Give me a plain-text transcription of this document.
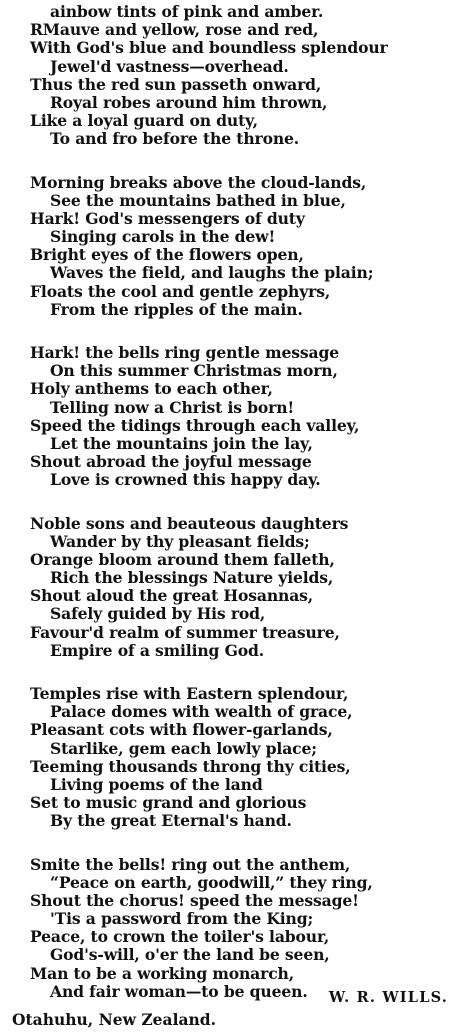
ainbow tints of pink and amber.
RMauve and yellow, rose and red,
With God's blue and boundless splendour
Jewel'd vastness—overhead.
Thus the red sun passeth onward,
Royal robes around him thrown,
Like a loyal guard on duty,
To and fro before the throne.
Morning breaks above the cloud-lands,
See the mountains bathed in blue,
Hark! God's messengers of duty
Singing carols in the dew!
Bright eyes of the flowers open,
Waves the field, and laughs the plain;
Floats the cool and gentle zephyrs,
From the ripples of the main.
Hark! the bells ring gentle message
On this summer Christmas morn,
Holy anthems to each other,
Telling now a Christ is born!
Speed the tidings through each valley,
Let the mountains join the lay,
Shout abroad the joyful message
Love is crowned this happy day.
Noble sons and beauteous daughters
Wander by thy pleasant fields;
Orange bloom around them falleth,
Rich the blessings Nature yields,
Shout aloud the great Hosannas,
Safely guided by His rod,
Favour'd realm of summer treasure,
Empire of a smiling God.
Temples rise with Eastern splendour,
Palace domes with wealth of grace,
Pleasant cots with flower-garlands,
Starlike, gem each lowly place;
Teeming thousands throng thy cities,
Living poems of the land
Set to music grand and glorious
By the great Eternal's hand.
Smite the bells! ring out the anthem,
“Peace on earth, goodwill,” they ring,
Shout the chorus! speed the message!
'Tis a password from the King;
Peace, to crown the toiler's labour,
God's-will, o'er the land be seen,
Man to be a working monarch,
And fair woman—to be queen.	W. R. WILLS.
Otahuhu, New Zealand.
